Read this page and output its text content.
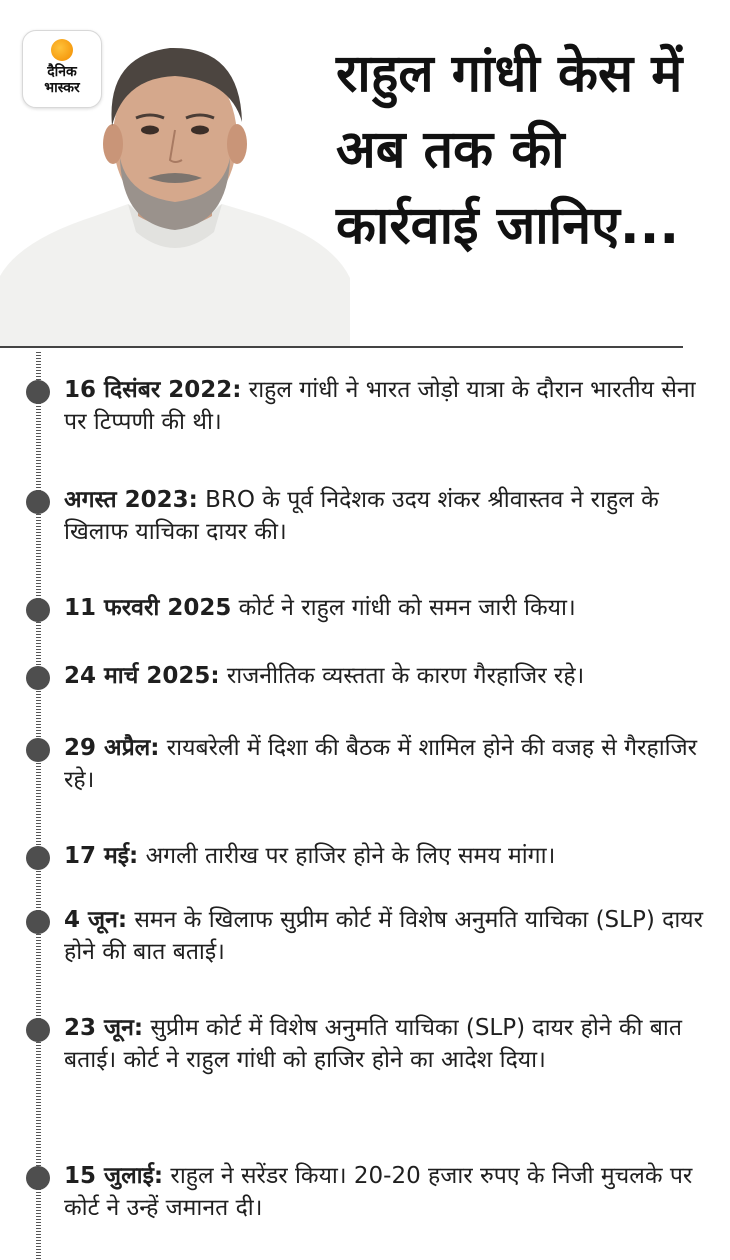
दैनिक
भास्कर	राहुल गांधी केस में अब तक की कार्रवाई जानिए...

16 दिसंबर 2022: राहुल गांधी ने भारत जोड़ो यात्रा के दौरान भारतीय सेना पर टिप्पणी की थी।

अगस्त 2023: BRO के पूर्व निदेशक उदय शंकर श्रीवास्तव ने राहुल के खिलाफ याचिका दायर की।

11 फरवरी 2025 कोर्ट ने राहुल गांधी को समन जारी किया।

24 मार्च 2025: राजनीतिक व्यस्तता के कारण गैरहाजिर रहे।

29 अप्रैल: रायबरेली में दिशा की बैठक में शामिल होने की वजह से गैरहाजिर रहे।

17 मई: अगली तारीख पर हाजिर होने के लिए समय मांगा।

4 जून: समन के खिलाफ सुप्रीम कोर्ट में विशेष अनुमति याचिका (SLP) दायर होने की बात बताई।

23 जून: सुप्रीम कोर्ट में विशेष अनुमति याचिका (SLP) दायर होने की बात बताई। कोर्ट ने राहुल गांधी को हाजिर होने का आदेश दिया।

15 जुलाई: राहुल ने सरेंडर किया। 20-20 हजार रुपए के निजी मुचलके पर कोर्ट ने उन्हें जमानत दी।
